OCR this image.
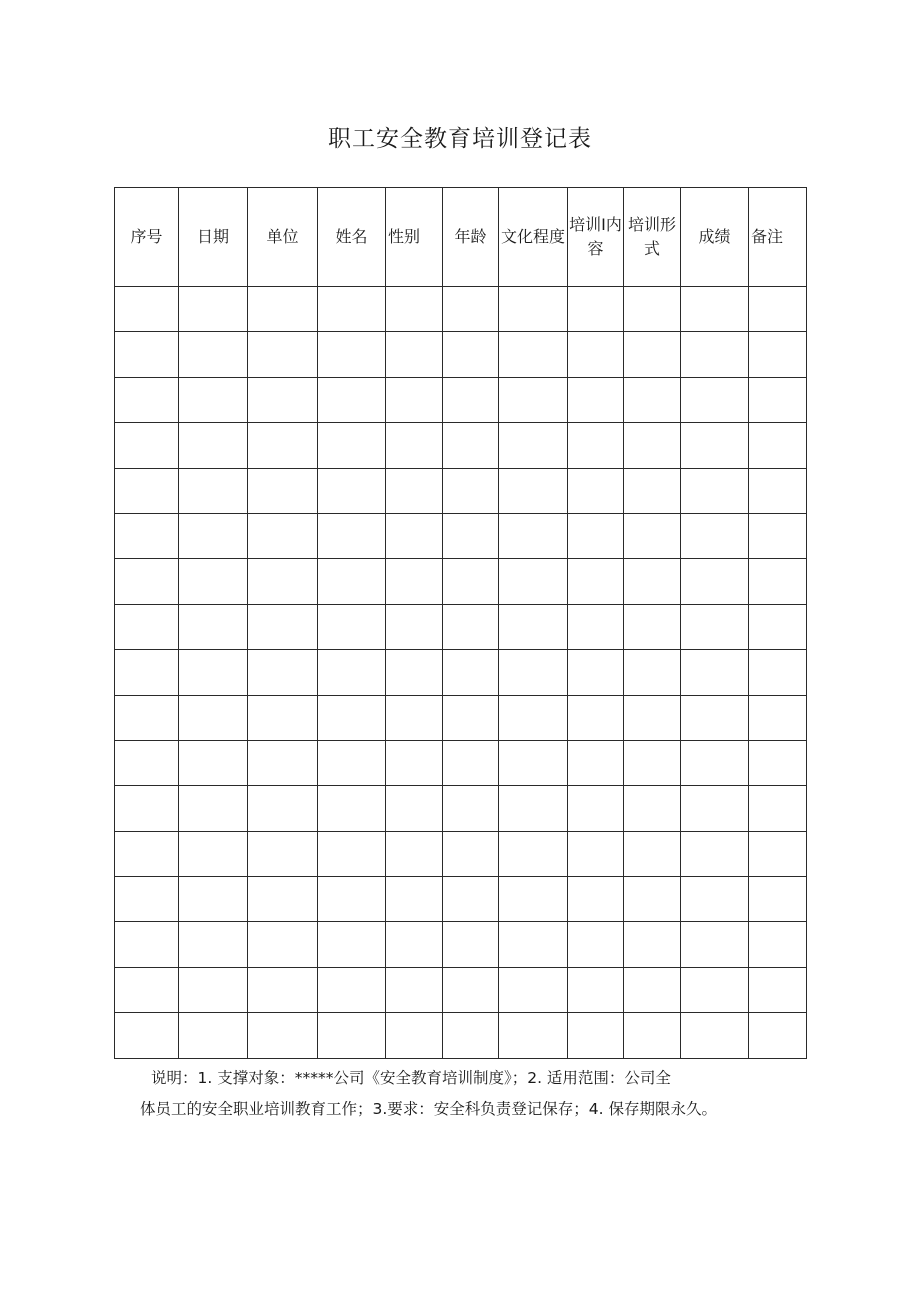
职工安全教育培训登记表
序号	日期	单位	姓名	性别	年龄	文化程度	培训I内容	培训形式	成绩	备注

说明：1. 支撑对象：*****公司《安全教育培训制度》；2. 适用范围：公司全
体员工的安全职业培训教育工作；3.要求：安全科负责登记保存；4. 保存期限永久。
